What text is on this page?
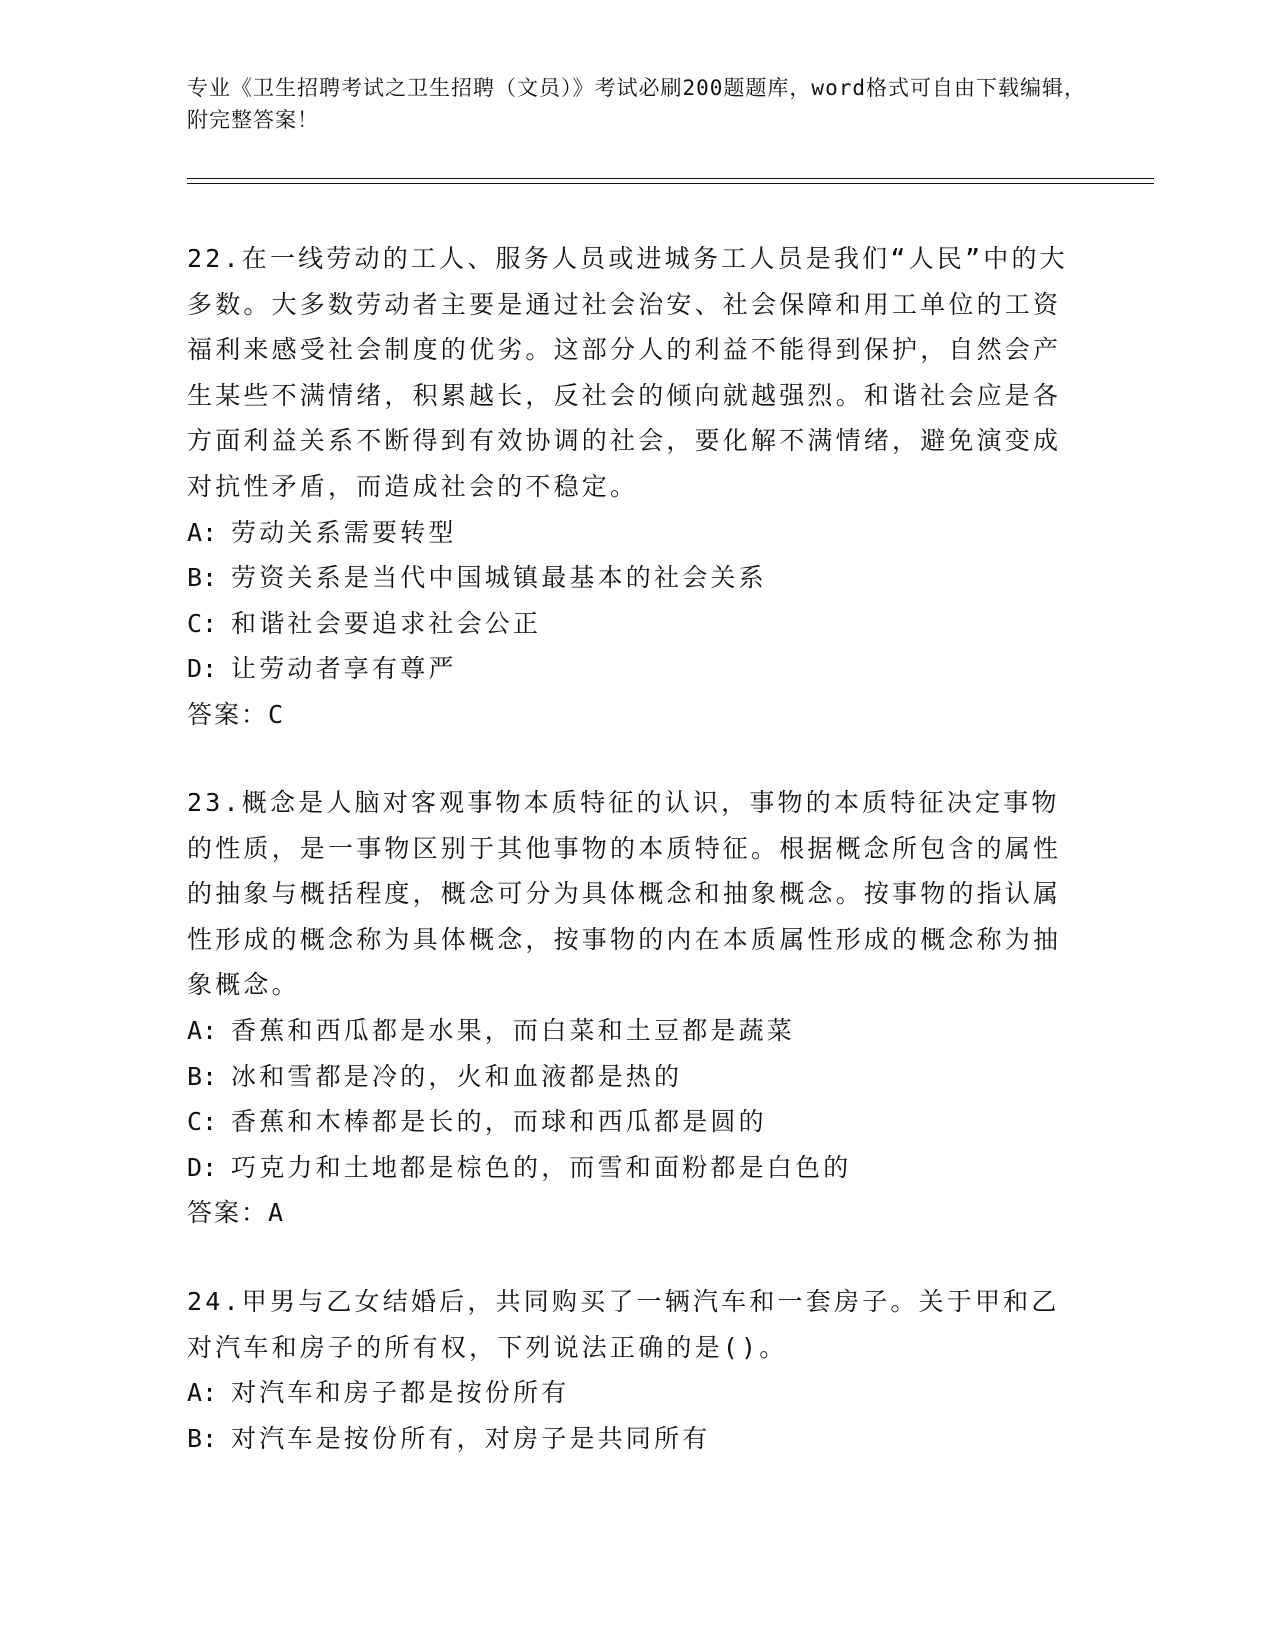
专业《卫生招聘考试之卫生招聘（文员）》考试必刷200题题库，word格式可自由下载编辑，附完整答案！

22.在一线劳动的工人、服务人员或进城务工人员是我们“人民”中的大多数。大多数劳动者主要是通过社会治安、社会保障和用工单位的工资福利来感受社会制度的优劣。这部分人的利益不能得到保护，自然会产生某些不满情绪，积累越长，反社会的倾向就越强烈。和谐社会应是各方面利益关系不断得到有效协调的社会，要化解不满情绪，避免演变成对抗性矛盾，而造成社会的不稳定。

A: 劳动关系需要转型

B: 劳资关系是当代中国城镇最基本的社会关系

C: 和谐社会要追求社会公正

D: 让劳动者享有尊严

答案：C

23.概念是人脑对客观事物本质特征的认识，事物的本质特征决定事物的性质，是一事物区别于其他事物的本质特征。根据概念所包含的属性的抽象与概括程度，概念可分为具体概念和抽象概念。按事物的指认属性形成的概念称为具体概念，按事物的内在本质属性形成的概念称为抽象概念。

A: 香蕉和西瓜都是水果，而白菜和土豆都是蔬菜

B: 冰和雪都是冷的，火和血液都是热的

C: 香蕉和木棒都是长的，而球和西瓜都是圆的

D: 巧克力和土地都是棕色的，而雪和面粉都是白色的

答案：A

24.甲男与乙女结婚后，共同购买了一辆汽车和一套房子。关于甲和乙对汽车和房子的所有权，下列说法正确的是()。

A: 对汽车和房子都是按份所有

B: 对汽车是按份所有，对房子是共同所有
